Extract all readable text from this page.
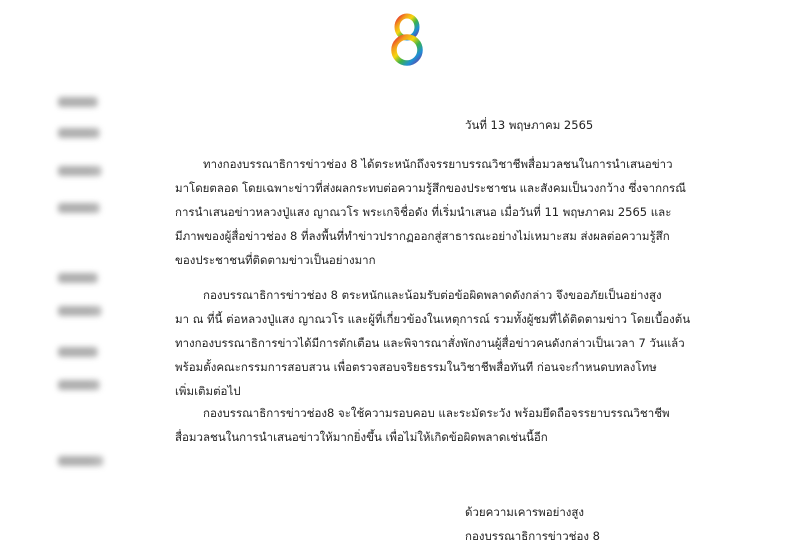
วันที่ 13 พฤษภาคม 2565
ทางกองบรรณาธิการข่าวช่อง 8 ได้ตระหนักถึงจรรยาบรรณวิชาชีพสื่อมวลชนในการนำเสนอข่าว
มาโดยตลอด โดยเฉพาะข่าวที่ส่งผลกระทบต่อความรู้สึกของประชาชน และสังคมเป็นวงกว้าง ซึ่งจากกรณี
การนำเสนอข่าวหลวงปู่แสง ญาณวโร พระเกจิชื่อดัง ที่เริ่มนำเสนอ เมื่อวันที่ 11 พฤษภาคม 2565 และ
มีภาพของผู้สื่อข่าวช่อง 8 ที่ลงพื้นที่ทำข่าวปรากฏออกสู่สาธารณะอย่างไม่เหมาะสม ส่งผลต่อความรู้สึก
ของประชาชนที่ติดตามข่าวเป็นอย่างมาก
กองบรรณาธิการข่าวช่อง 8 ตระหนักและน้อมรับต่อข้อผิดพลาดดังกล่าว จึงขออภัยเป็นอย่างสูง
มา ณ ที่นี้ ต่อหลวงปู่แสง ญาณวโร และผู้ที่เกี่ยวข้องในเหตุการณ์ รวมทั้งผู้ชมที่ได้ติดตามข่าว โดยเบื้องต้น
ทางกองบรรณาธิการข่าวได้มีการตักเตือน และพิจารณาสั่งพักงานผู้สื่อข่าวคนดังกล่าวเป็นเวลา 7 วันแล้ว
พร้อมตั้งคณะกรรมการสอบสวน เพื่อตรวจสอบจริยธรรมในวิชาชีพสื่อทันที ก่อนจะกำหนดบทลงโทษ
เพิ่มเติมต่อไป
กองบรรณาธิการข่าวช่อง8 จะใช้ความรอบคอบ และระมัดระวัง พร้อมยึดถือจรรยาบรรณวิชาชีพ
สื่อมวลชนในการนำเสนอข่าวให้มากยิ่งขึ้น เพื่อไม่ให้เกิดข้อผิดพลาดเช่นนี้อีก
ด้วยความเคารพอย่างสูง
กองบรรณาธิการข่าวช่อง 8
